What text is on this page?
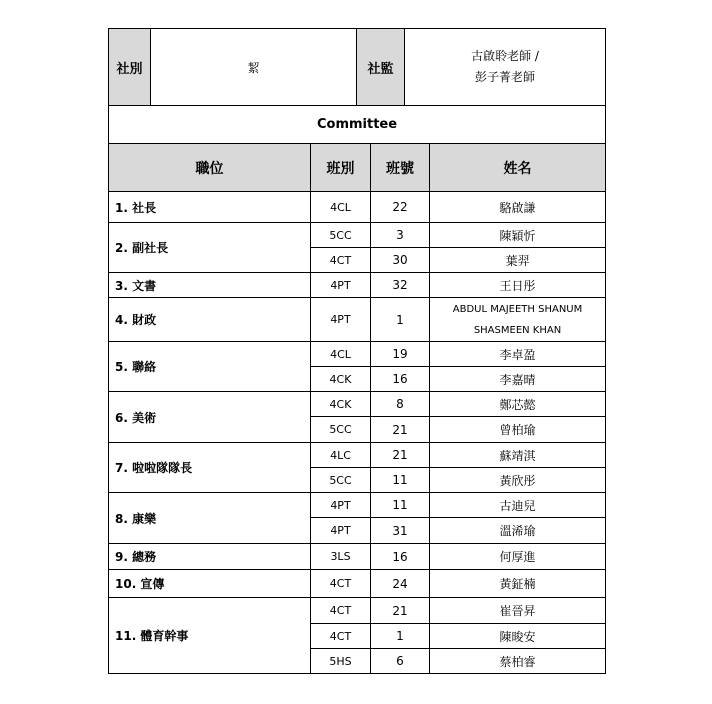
社別	絜	社監	
古啟聆老師 /
彭子菁老師
Committee			
職位	班別	班號	姓名
1. 社長	4CL	22	駱啟謙
2. 副社長	5CC	3	陳穎忻
	4CT	30	葉羿
3. 文書	4PT	32	王日彤
4. 財政	4PT	1	ABDUL MAJEETH SHANUM
SHASMEEN KHAN

5. 聯絡	4CL	19	李卓盈
	4CK	16	李嘉晴
6. 美術	4CK	8	鄭芯懿
	5CC	21	曾柏瑜
7. 啦啦隊隊長	4LC	21	蘇靖淇
	5CC	11	黃欣彤
8. 康樂	4PT	11	古迪兒
	4PT	31	溫浠瑜
9. 總務	3LS	16	何厚進
10. 宣傳	4CT	24	黃鉦楠
11. 體育幹事	4CT	21	崔晉昇
	4CT	1	陳晙安
	5HS	6	蔡柏睿
